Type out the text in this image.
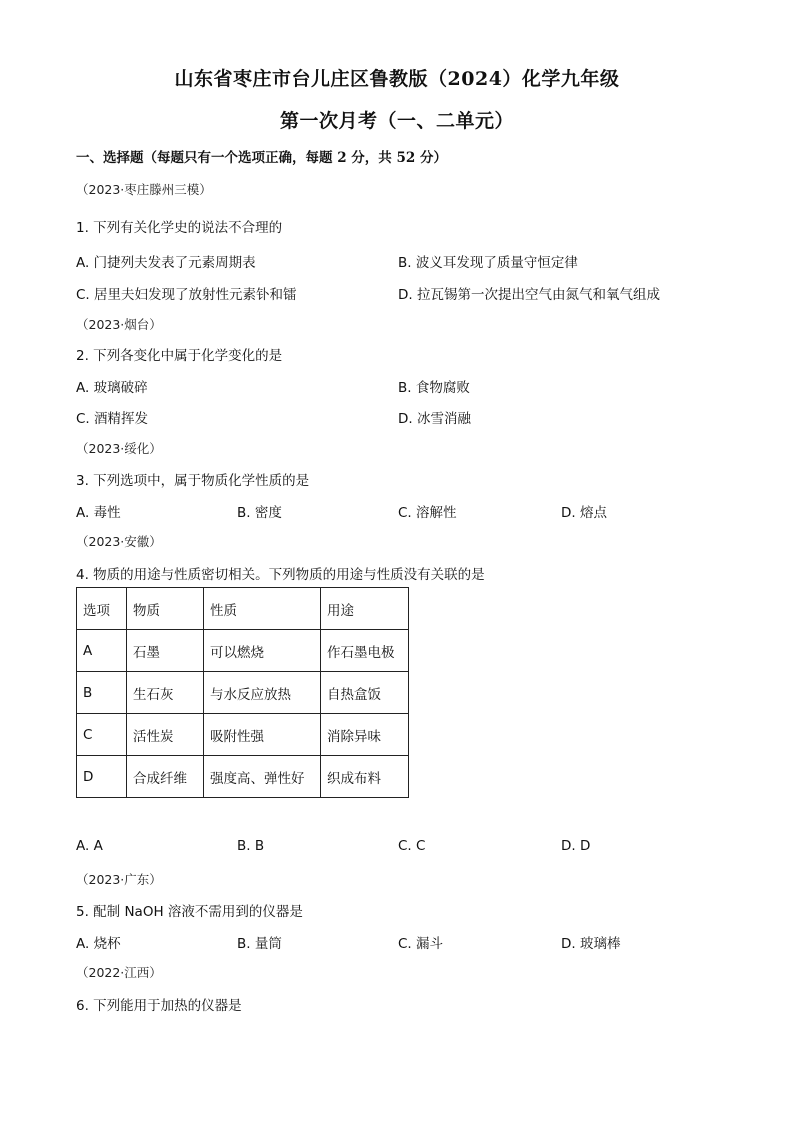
山东省枣庄市台儿庄区鲁教版（2024）化学九年级
第一次月考（一、二单元）
一、选择题（每题只有一个选项正确，每题 2 分，共 52 分）
（2023·枣庄滕州三模）
1. 下列有关化学史的说法不合理的
A. 门捷列夫发表了元素周期表	B. 波义耳发现了质量守恒定律
C. 居里夫妇发现了放射性元素钋和镭	D. 拉瓦锡第一次提出空气由氮气和氧气组成
（2023·烟台）
2. 下列各变化中属于化学变化的是
A. 玻璃破碎	B. 食物腐败
C. 酒精挥发	D. 冰雪消融
（2023·绥化）
3. 下列选项中，属于物质化学性质的是
A. 毒性	B. 密度	C. 溶解性	D. 熔点
（2023·安徽）
4. 物质的用途与性质密切相关。下列物质的用途与性质没有关联的是
选项	物质	性质	用途
A	石墨	可以燃烧	作石墨电极
B	生石灰	与水反应放热	自热盒饭
C	活性炭	吸附性强	消除异味
D	合成纤维	强度高、弹性好	织成布料
A. A	B. B	C. C	D. D
（2023·广东）
5. 配制 NaOH 溶液不需用到的仪器是
A. 烧杯	B. 量筒	C. 漏斗	D. 玻璃棒
（2022·江西）
6. 下列能用于加热的仪器是
